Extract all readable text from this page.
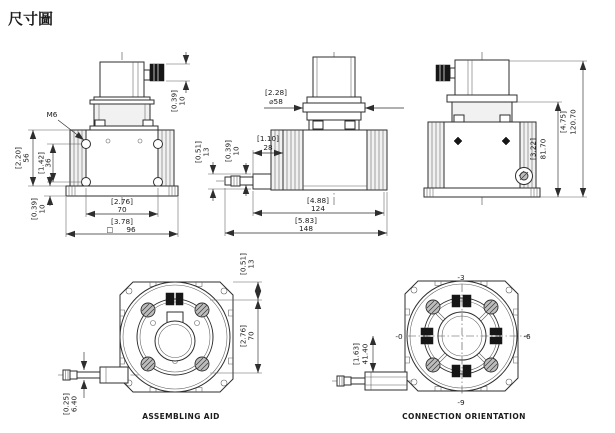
尺寸圖
M6
[2.20] 56 [1.42]
36
[0.39] 10
[0.39] 10
[2.76]
70
[3.78]
□ 96
[2.28]
⌀58
[1.10]
28
[0.51] 13 [0.39] 10
[4.88]
124
[5.83]
148
[3.22] 81.70
[4.75] 120.70
[0.25] 6.40
[0.51] 13
[2.76] 70
ASSEMBLING AID
[1.63] 41.40
-3
-0	-6
-9
CONNECTION ORIENTATION
